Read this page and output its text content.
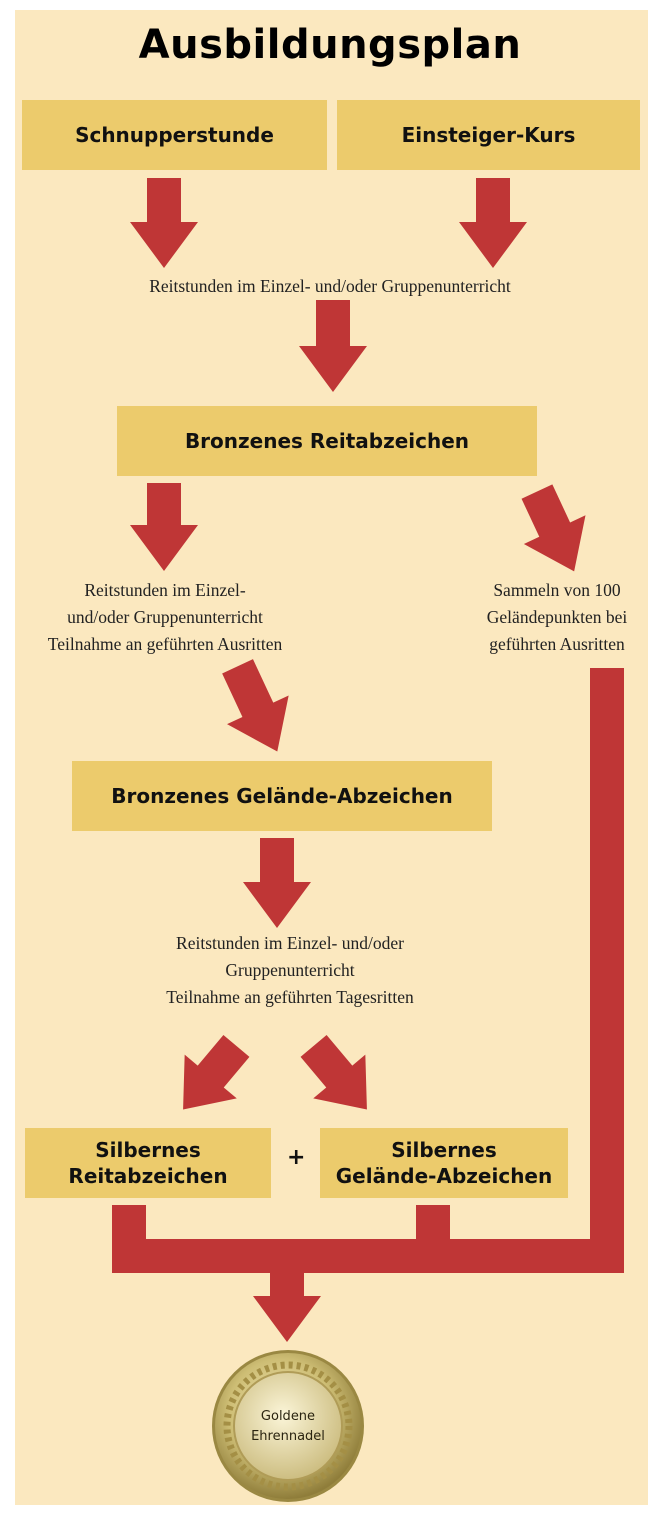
Ausbildungsplan
Schnupperstunde	Einsteiger-Kurs
Reitstunden im Einzel- und/oder Gruppenunterricht
Bronzenes Reitabzeichen
Reitstunden im Einzel-
und/oder Gruppenunterricht
Teilnahme an geführten Ausritten
Sammeln von 100
Geländepunkten bei
geführten Ausritten
Bronzenes Gelände-Abzeichen
Reitstunden im Einzel- und/oder
Gruppenunterricht
Teilnahme an geführten Tagesritten
Silbernes
Reitabzeichen
+	Silbernes
Gelände-Abzeichen
Goldene
Ehrennadel
